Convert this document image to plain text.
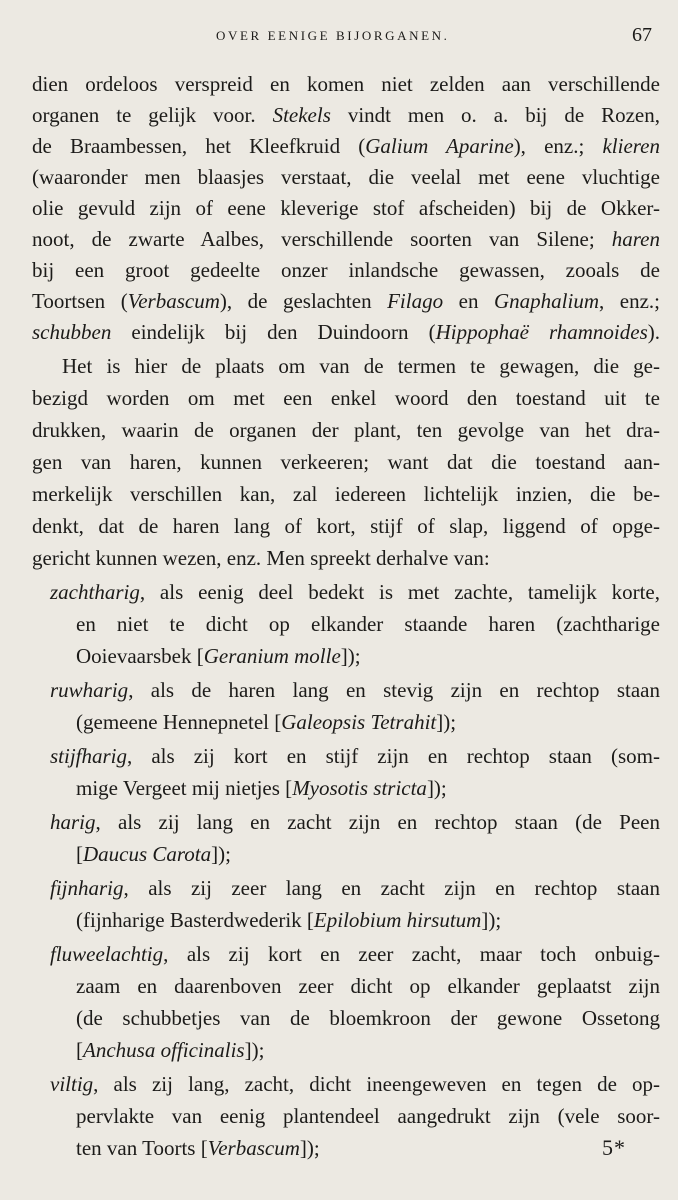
OVER EENIGE BIJORGANEN.	67
dien ordeloos verspreid en komen niet zelden aan verschillende
organen te gelijk voor. Stekels vindt men o. a. bij de Rozen,
de Braambessen, het Kleefkruid (Galium Aparine), enz.; klieren
(waaronder men blaasjes verstaat, die veelal met eene vluchtige
olie gevuld zijn of eene kleverige stof afscheiden) bij de Okker-
noot, de zwarte Aalbes, verschillende soorten van Silene; haren
bij een groot gedeelte onzer inlandsche gewassen, zooals de
Toortsen (Verbascum), de geslachten Filago en Gnaphalium, enz.;
schubben eindelijk bij den Duindoorn (Hippophaë rhamnoides).
Het is hier de plaats om van de termen te gewagen, die ge-
bezigd worden om met een enkel woord den toestand uit te
drukken, waarin de organen der plant, ten gevolge van het dra-
gen van haren, kunnen verkeeren; want dat die toestand aan-
merkelijk verschillen kan, zal iedereen lichtelijk inzien, die be-
denkt, dat de haren lang of kort, stijf of slap, liggend of opge-
gericht kunnen wezen, enz. Men spreekt derhalve van:
zachtharig, als eenig deel bedekt is met zachte, tamelijk korte,
en niet te dicht op elkander staande haren (zachtharige
Ooievaarsbek [Geranium molle]);
ruwharig, als de haren lang en stevig zijn en rechtop staan
(gemeene Hennepnetel [Galeopsis Tetrahit]);
stijfharig, als zij kort en stijf zijn en rechtop staan (som-
mige Vergeet mij nietjes [Myosotis stricta]);
harig, als zij lang en zacht zijn en rechtop staan (de Peen
[Daucus Carota]);
fijnharig, als zij zeer lang en zacht zijn en rechtop staan
(fijnharige Basterdwederik [Epilobium hirsutum]);
fluweelachtig, als zij kort en zeer zacht, maar toch onbuig-
zaam en daarenboven zeer dicht op elkander geplaatst zijn
(de schubbetjes van de bloemkroon der gewone Ossetong
[Anchusa officinalis]);
viltig, als zij lang, zacht, dicht ineengeweven en tegen de op-
pervlakte van eenig plantendeel aangedrukt zijn (vele soor-
ten van Toorts [Verbascum]);	5*
